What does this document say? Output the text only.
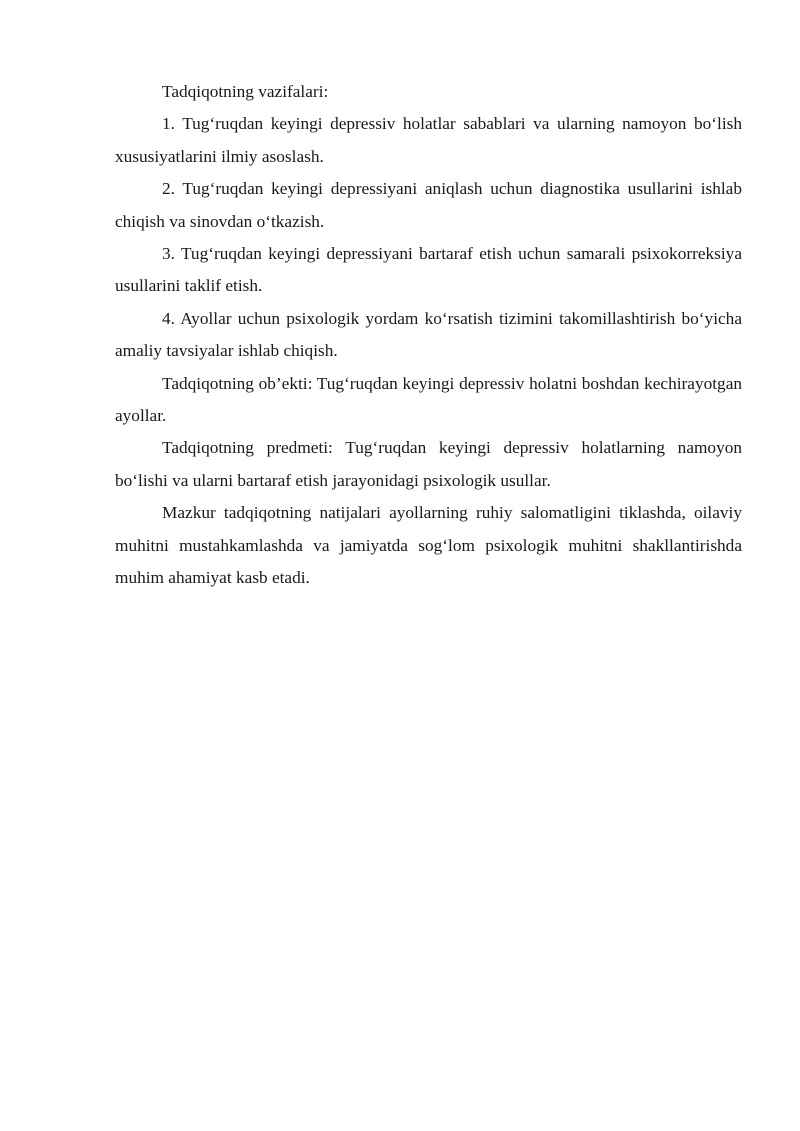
Tadqiqotning vazifalari:

1. Tug‘ruqdan keyingi depressiv holatlar sabablari va ularning namoyon bo‘lish xususiyatlarini ilmiy asoslash.

2. Tug‘ruqdan keyingi depressiyani aniqlash uchun diagnostika usullarini ishlab chiqish va sinovdan o‘tkazish.

3. Tug‘ruqdan keyingi depressiyani bartaraf etish uchun samarali psixokorreksiya usullarini taklif etish.

4. Ayollar uchun psixologik yordam ko‘rsatish tizimini takomillashtirish bo‘yicha amaliy tavsiyalar ishlab chiqish.

Tadqiqotning ob’ekti: Tug‘ruqdan keyingi depressiv holatni boshdan kechirayotgan ayollar.

Tadqiqotning predmeti: Tug‘ruqdan keyingi depressiv holatlarning namoyon bo‘lishi va ularni bartaraf etish jarayonidagi psixologik usullar.

Mazkur tadqiqotning natijalari ayollarning ruhiy salomatligini tiklashda, oilaviy muhitni mustahkamlashda va jamiyatda sog‘lom psixologik muhitni shakllantirishda muhim ahamiyat kasb etadi.
